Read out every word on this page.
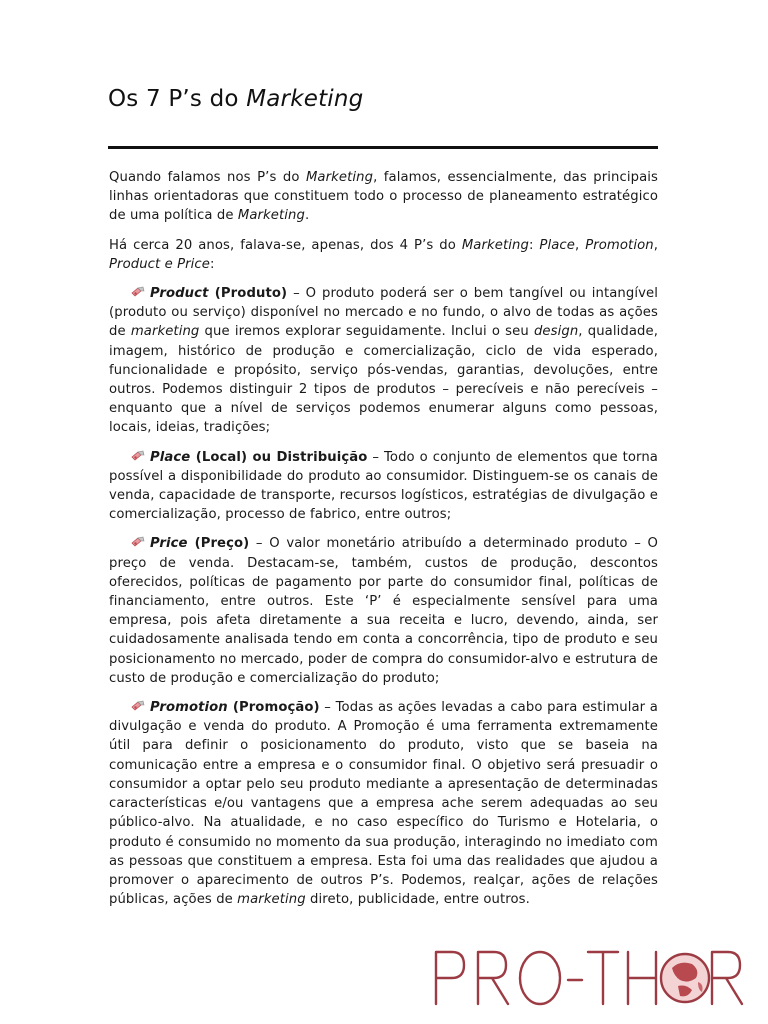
Os 7 P’s do Marketing

Quando falamos nos P’s do Marketing, falamos, essencialmente, das principais linhas orientadoras que constituem todo o processo de planeamento estratégico de uma política de Marketing.

Há cerca 20 anos, falava-se, apenas, dos 4 P’s do Marketing: Place, Promotion, Product e Price:

Product (Produto) – O produto poderá ser o bem tangível ou intangível (produto ou serviço) disponível no mercado e no fundo, o alvo de todas as ações de marketing que iremos explorar seguidamente. Inclui o seu design, qualidade, imagem, histórico de produção e comercialização, ciclo de vida esperado, funcionalidade e propósito, serviço pós-vendas, garantias, devoluções, entre outros. Podemos distinguir 2 tipos de produtos – perecíveis e não perecíveis – enquanto que a nível de serviços podemos enumerar alguns como pessoas, locais, ideias, tradições;

Place (Local) ou Distribuição – Todo o conjunto de elementos que torna possível a disponibilidade do produto ao consumidor. Distinguem-se os canais de venda, capacidade de transporte, recursos logísticos, estratégias de divulgação e comercialização, processo de fabrico, entre outros;

Price (Preço) – O valor monetário atribuído a determinado produto – O preço de venda. Destacam-se, também, custos de produção, descontos oferecidos, políticas de pagamento por parte do consumidor final, políticas de financiamento, entre outros. Este ‘P’ é especialmente sensível para uma empresa, pois afeta diretamente a sua receita e lucro, devendo, ainda, ser cuidadosamente analisada tendo em conta a concorrência, tipo de produto e seu posicionamento no mercado, poder de compra do consumidor-alvo e estrutura de custo de produção e comercialização do produto;

Promotion (Promoção) – Todas as ações levadas a cabo para estimular a divulgação e venda do produto. A Promoção é uma ferramenta extremamente útil para definir o posicionamento do produto, visto que se baseia na comunicação entre a empresa e o consumidor final. O objetivo será presuadir o consumidor a optar pelo seu produto mediante a apresentação de determinadas características e/ou vantagens que a empresa ache serem adequadas ao seu público-alvo. Na atualidade, e no caso específico do Turismo e Hotelaria, o produto é consumido no momento da sua produção, interagindo no imediato com as pessoas que constituem a empresa. Esta foi uma das realidades que ajudou a promover o aparecimento de outros P’s. Podemos, realçar, ações de relações públicas, ações de marketing direto, publicidade, entre outros.
